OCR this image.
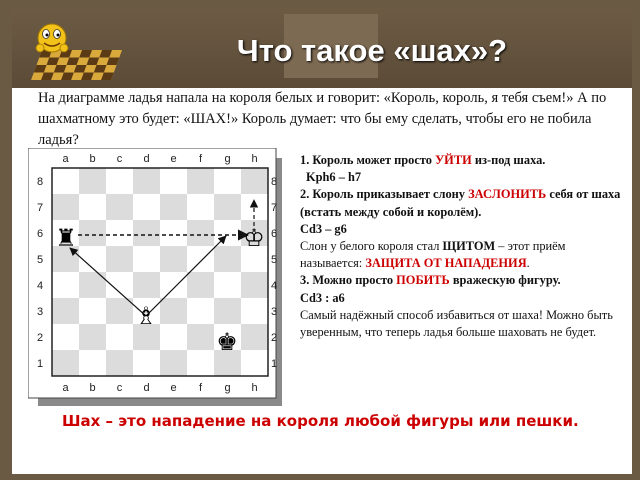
Что такое «шах»?
На диаграмме ладья напала на короля белых и говорит: «Король, король, я тебя съем!» А по шахматному это будет: «ШАХ!» Король думает: что бы ему сделать, чтобы его не побила ладья?
a b c d e f g h
a b c d e f g h
8
7
6
5
4
3
2
1
8
7
6
5
4
3
2
1
♜	♔
♗
♚

1. Король может просто УЙТИ из-под шаха.

Kph6 – h7

2. Король приказывает слону ЗАСЛОНИТЬ себя от шаха (встать между собой и королём).

Cd3 – g6

Слон у белого короля стал ЩИТОМ – этот приём называется: ЗАЩИТА ОТ НАПАДЕНИЯ.

3. Можно просто ПОБИТЬ вражескую фигуру.

Cd3 : a6

Самый надёжный способ избавиться от шаха! Можно быть уверенным, что теперь ладья больше шаховать не будет.

Шах – это нападение на короля любой фигуры или пешки.
